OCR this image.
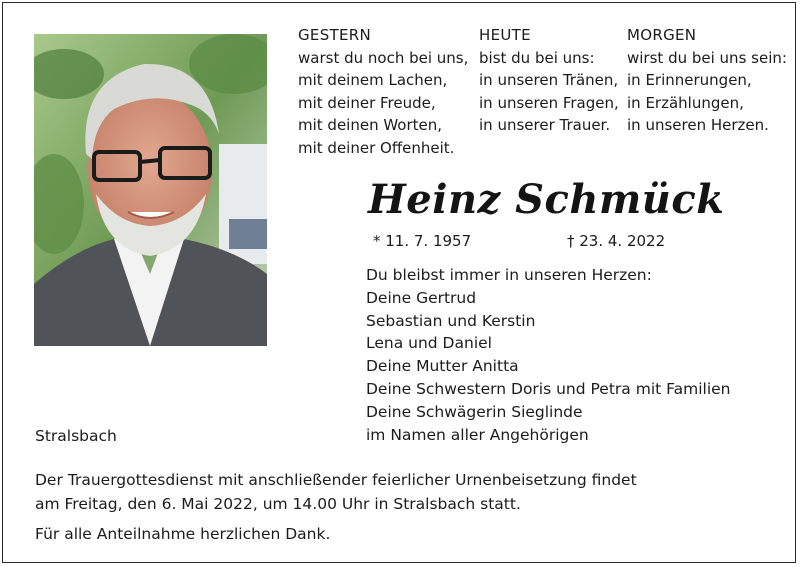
GESTERN
warst du noch bei uns,
mit deinem Lachen,
mit deiner Freude,
mit deinen Worten,
mit deiner Offenheit.
HEUTE
bist du bei uns:
in unseren Tränen,
in unseren Fragen,
in unserer Trauer.
MORGEN
wirst du bei uns sein:
in Erinnerungen,
in Erzählungen,
in unseren Herzen.
Heinz Schmück
* 11. 7. 1957	† 23. 4. 2022
Du bleibst immer in unseren Herzen:
Deine Gertrud
Sebastian und Kerstin
Lena und Daniel
Deine Mutter Anitta
Deine Schwestern Doris und Petra mit Familien
Deine Schwägerin Sieglinde
im Namen aller Angehörigen
Stralsbach
Der Trauergottesdienst mit anschließender feierlicher Urnenbeisetzung findet
am Freitag, den 6. Mai 2022, um 14.00 Uhr in Stralsbach statt.
Für alle Anteilnahme herzlichen Dank.
